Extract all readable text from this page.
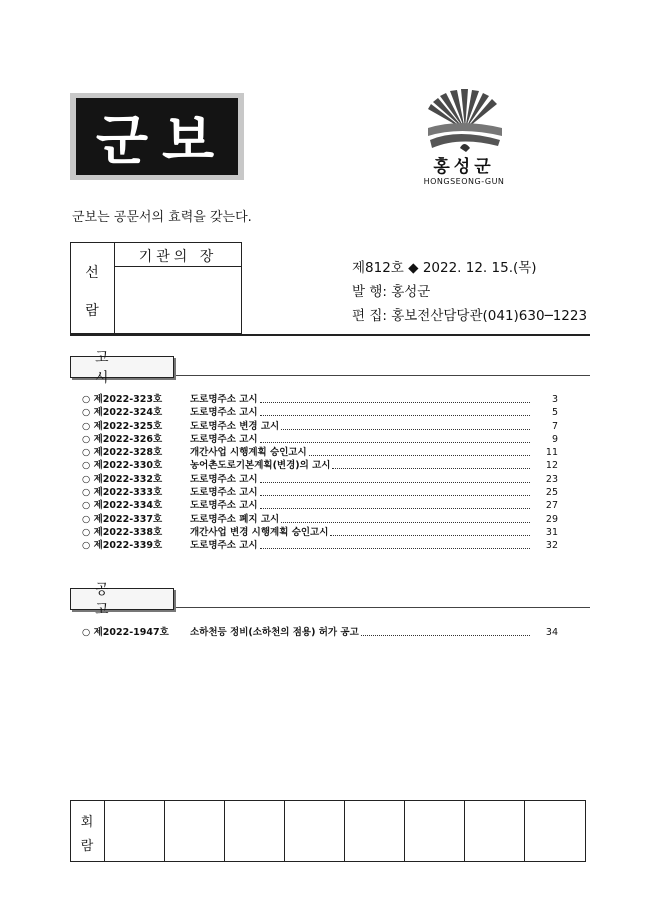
군보	홍성군
HONGSEONG-GUN
군보는 공문서의 효력을 갖는다.
선
람
기관의 장
제812호 ◆ 2022. 12. 15.(목)
발 행: 홍성군
편 집: 홍보전산담당관(041)630─1223
고 시
○ 제2022-323호	도로명주소 고시	3
○ 제2022-324호	도로명주소 고시	5
○ 제2022-325호	도로명주소 변경 고시	7
○ 제2022-326호	도로명주소 고시	9
○ 제2022-328호	개간사업 시행계획 승인고시	11
○ 제2022-330호	농어촌도로기본계획(변경)의 고시	12
○ 제2022-332호	도로명주소 고시	23
○ 제2022-333호	도로명주소 고시	25
○ 제2022-334호	도로명주소 고시	27
○ 제2022-337호	도로명주소 폐지 고시	29
○ 제2022-338호	개간사업 변경 시행계획 승인고시	31
○ 제2022-339호	도로명주소 고시	32
공 고
○ 제2022-1947호 소하천등 정비(소하천의 점용) 허가 공고	34
회
람
